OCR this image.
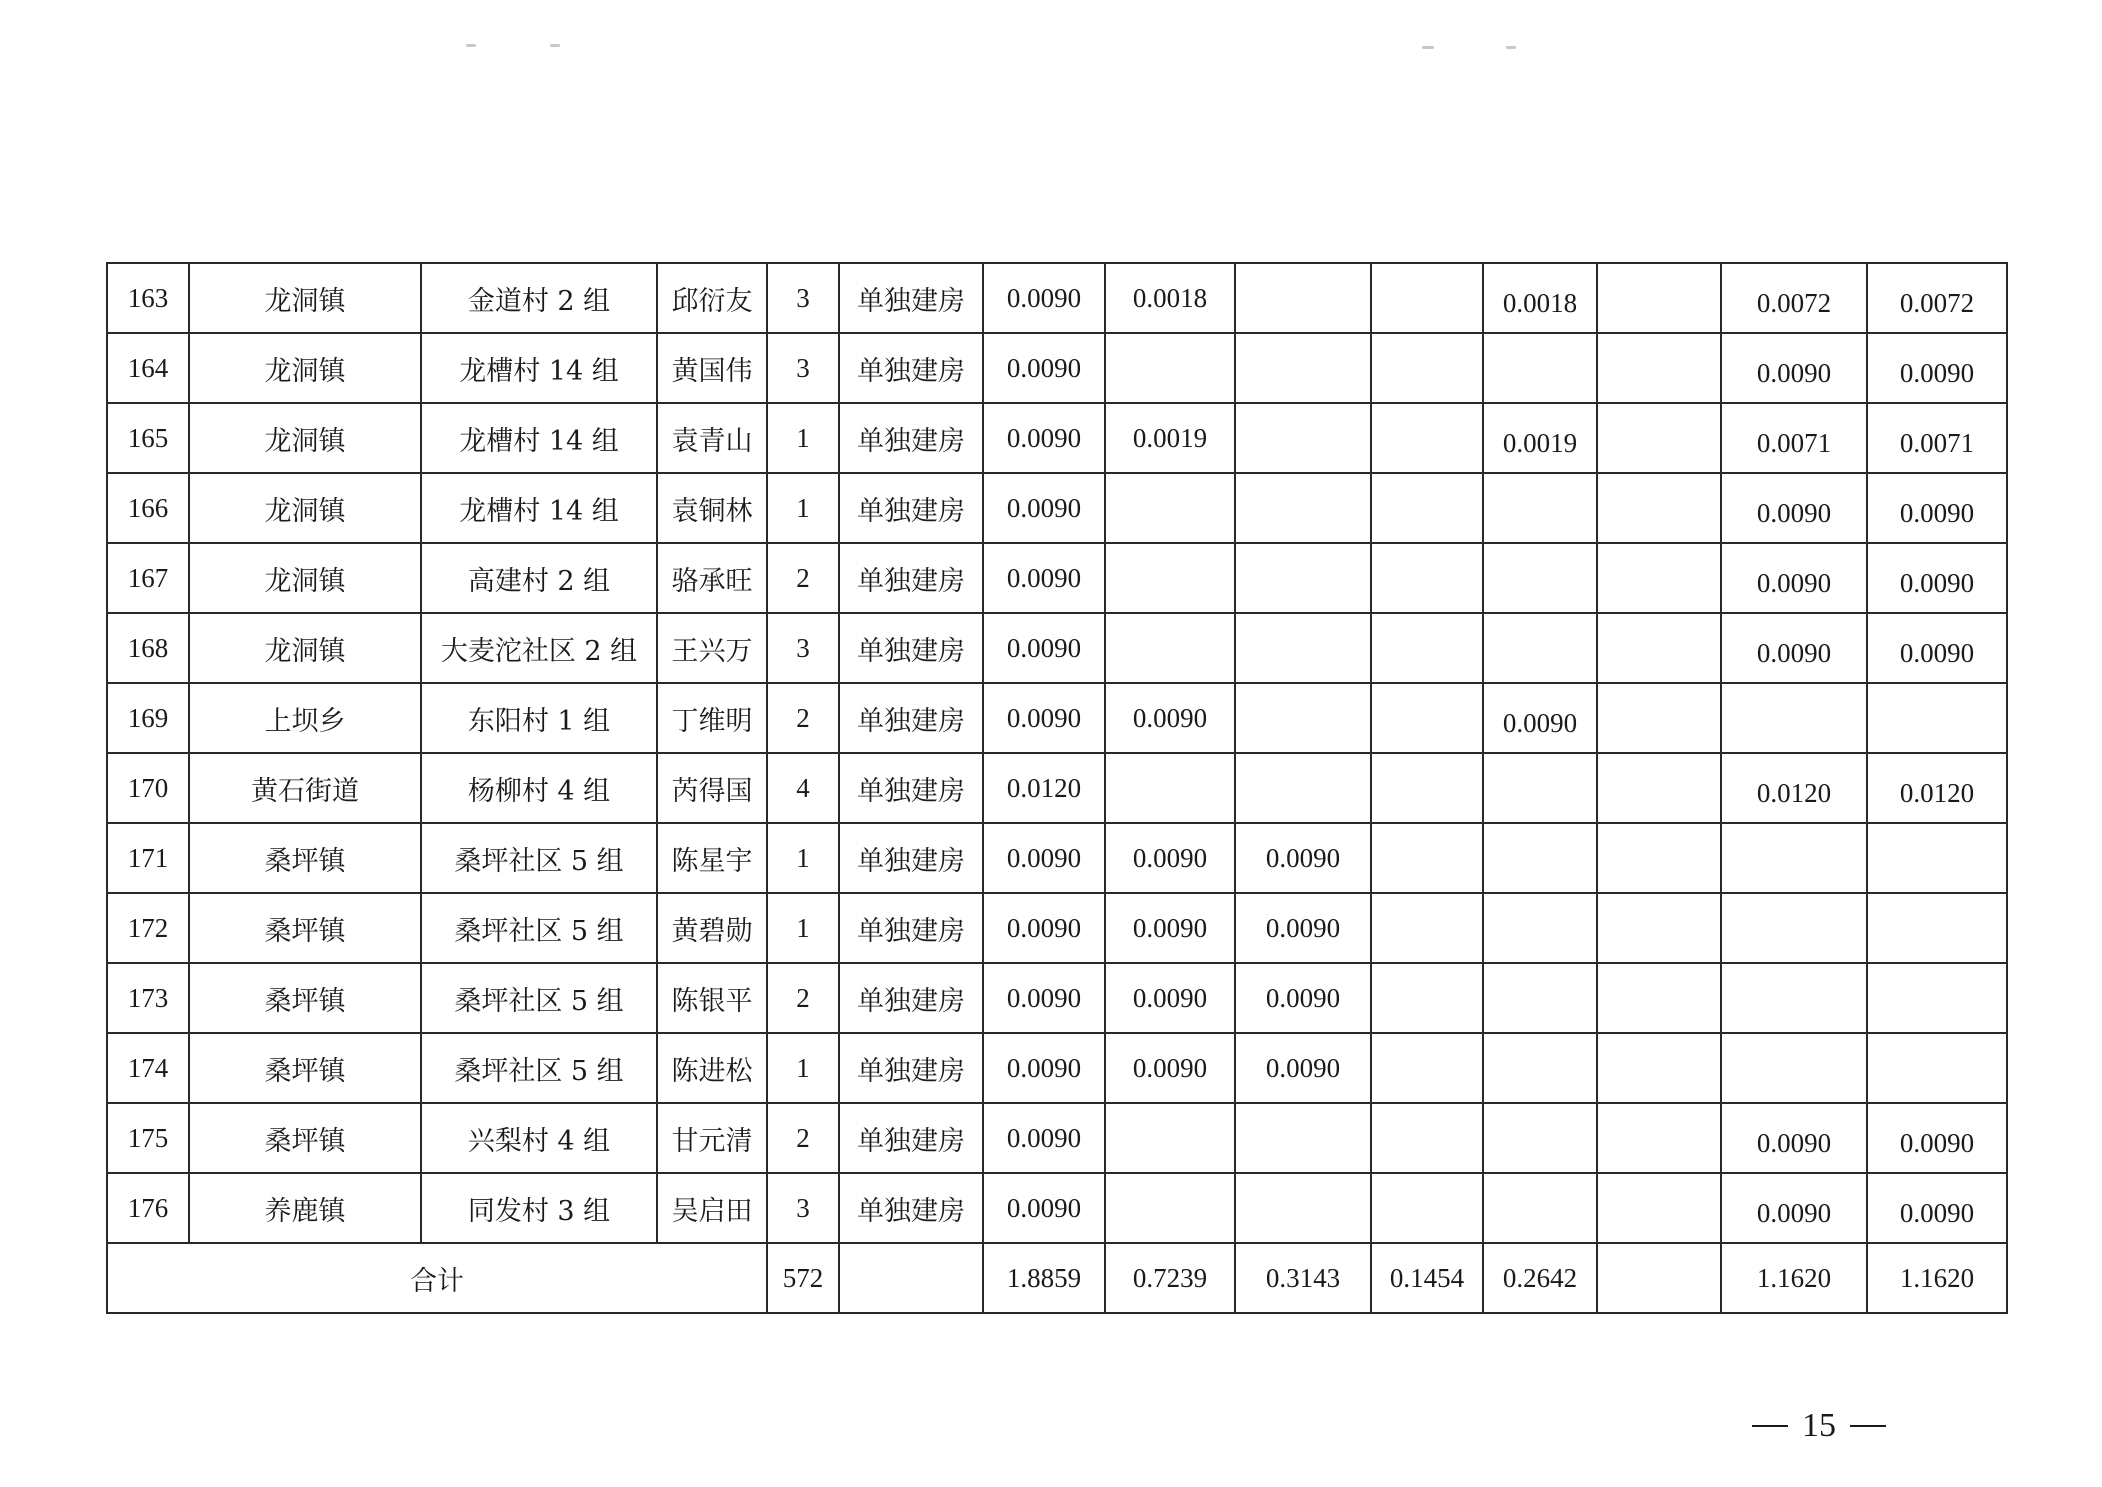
163	龙洞镇	金道村 2 组	邱衍友	3	单独建房	0.0090	0.0018			0.0018		0.0072	0.0072
164	龙洞镇	龙槽村 14 组	黄国伟	3	单独建房	0.0090						0.0090	0.0090
165	龙洞镇	龙槽村 14 组	袁青山	1	单独建房	0.0090	0.0019			0.0019		0.0071	0.0071
166	龙洞镇	龙槽村 14 组	袁铜林	1	单独建房	0.0090						0.0090	0.0090
167	龙洞镇	高建村 2 组	骆承旺	2	单独建房	0.0090						0.0090	0.0090
168	龙洞镇	大麦沱社区 2 组	王兴万	3	单独建房	0.0090						0.0090	0.0090
169	上坝乡	东阳村 1 组	丁维明	2	单独建房	0.0090	0.0090			0.0090			
170	黄石街道	杨柳村 4 组	芮得国	4	单独建房	0.0120						0.0120	0.0120
171	桑坪镇	桑坪社区 5 组	陈星宇	1	单独建房	0.0090	0.0090	0.0090					
172	桑坪镇	桑坪社区 5 组	黄碧勋	1	单独建房	0.0090	0.0090	0.0090					
173	桑坪镇	桑坪社区 5 组	陈银平	2	单独建房	0.0090	0.0090	0.0090					
174	桑坪镇	桑坪社区 5 组	陈进松	1	单独建房	0.0090	0.0090	0.0090					
175	桑坪镇	兴梨村 4 组	甘元清	2	单独建房	0.0090						0.0090	0.0090
176	养鹿镇	同发村 3 组	吴启田	3	单独建房	0.0090						0.0090	0.0090
合计				572		1.8859	0.7239	0.3143	0.1454	0.2642		1.1620	1.1620
15
